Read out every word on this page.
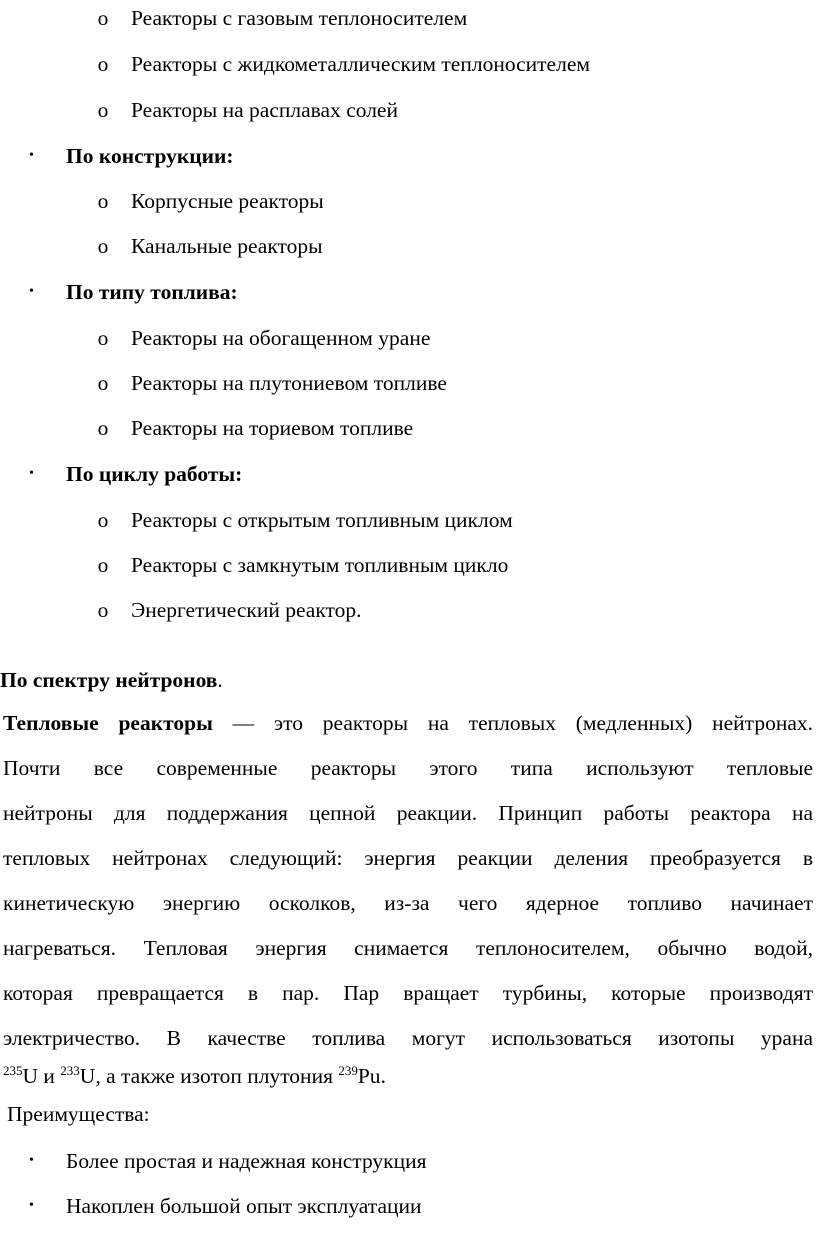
o Реакторы с газовым теплоносителем
o Реакторы с жидкометаллическим теплоносителем
o Реакторы на расплавах солей
• По конструкции:
o Корпусные реакторы
o Канальные реакторы
• По типу топлива:
o Реакторы на обогащенном уране
o Реакторы на плутониевом топливе
o Реакторы на ториевом топливе
• По циклу работы:
o Реакторы с открытым топливным циклом
o Реакторы с замкнутым топливным цикло
o Энергетический реактор.
По спектру нейтронов.
Тепловые реакторы — это реакторы на тепловых (медленных) нейтронах.
Почти все современные реакторы этого типа используют тепловые
нейтроны для поддержания цепной реакции. Принцип работы реактора на
тепловых нейтронах следующий: энергия реакции деления преобразуется в
кинетическую энергию осколков, из-за чего ядерное топливо начинает
нагреваться. Тепловая энергия снимается теплоносителем, обычно водой,
которая превращается в пар. Пар вращает турбины, которые производят
электричество. В качестве топлива могут использоваться изотопы урана
$^{235}$U и $^{233}$U, а также изотоп плутония $^{239}$Pu.
Преимущества:
• Более простая и надежная конструкция
• Накоплен большой опыт эксплуатации
